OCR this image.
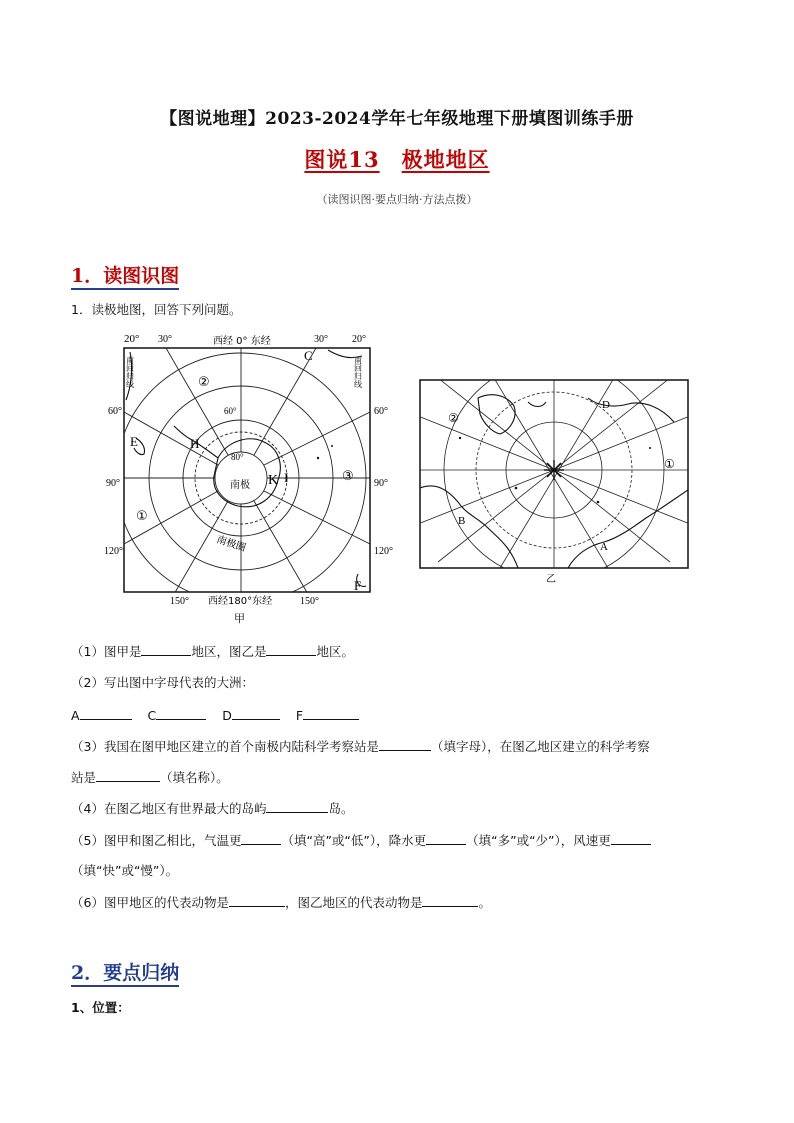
【图说地理】2023-2024学年七年级地理下册填图训练手册
图说13 极地地区
（读图识图·要点归纳·方法点拨）
1．读图识图
1．读极地图，回答下列问题。
20° 30°	西经 0° 东经	30° 20°
60°	60°
90°	90°
120°	120°
150° 西经180°东经	150°
60°
80°
C
E	H
K I
F
②
①
③
南极
南极圈
南回归线	南回归线
甲
D
B
A
②
①
乙
（1）图甲是	地区，图乙是	地区。
（2）写出图中字母代表的大洲：
A	C	D	F
（3）我国在图甲地区建立的首个南极内陆科学考察站是	（填字母），在图乙地区建立的科学考察
站是	（填名称）。
（4）在图乙地区有世界最大的岛屿	岛。
（5）图甲和图乙相比，气温更	（填“高”或“低”），降水更	（填“多”或“少”），风速更
（填“快”或“慢”）。
（6）图甲地区的代表动物是	，图乙地区的代表动物是	。
2．要点归纳
1、位置：
